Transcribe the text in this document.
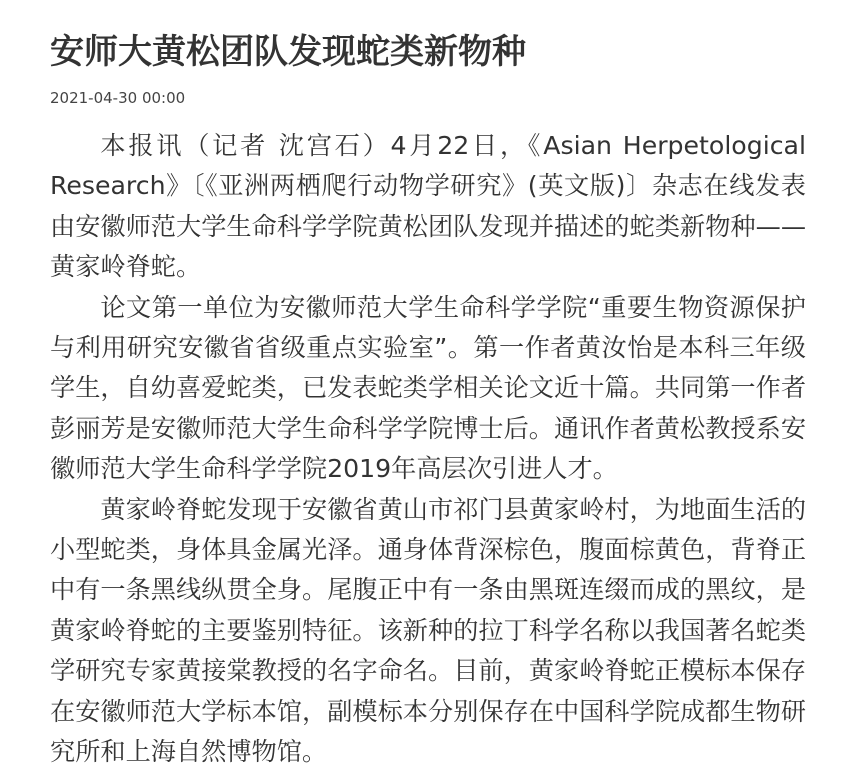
安师大黄松团队发现蛇类新物种
2021-04-30 00:00

本报讯（记者 沈宫石）4月22日，《Asian Herpetological Research》〔《亚洲两栖爬行动物学研究》(英文版)〕杂志在线发表由安徽师范大学生命科学学院黄松团队发现并描述的蛇类新物种——黄家岭脊蛇。

论文第一单位为安徽师范大学生命科学学院“重要生物资源保护与利用研究安徽省省级重点实验室”。第一作者黄汝怡是本科三年级学生，自幼喜爱蛇类，已发表蛇类学相关论文近十篇。共同第一作者彭丽芳是安徽师范大学生命科学学院博士后。通讯作者黄松教授系安徽师范大学生命科学学院2019年高层次引进人才。

黄家岭脊蛇发现于安徽省黄山市祁门县黄家岭村，为地面生活的小型蛇类，身体具金属光泽。通身体背深棕色，腹面棕黄色，背脊正中有一条黑线纵贯全身。尾腹正中有一条由黑斑连缀而成的黑纹，是黄家岭脊蛇的主要鉴别特征。该新种的拉丁科学名称以我国著名蛇类学研究专家黄接棠教授的名字命名。目前，黄家岭脊蛇正模标本保存在安徽师范大学标本馆，副模标本分别保存在中国科学院成都生物研究所和上海自然博物馆。
